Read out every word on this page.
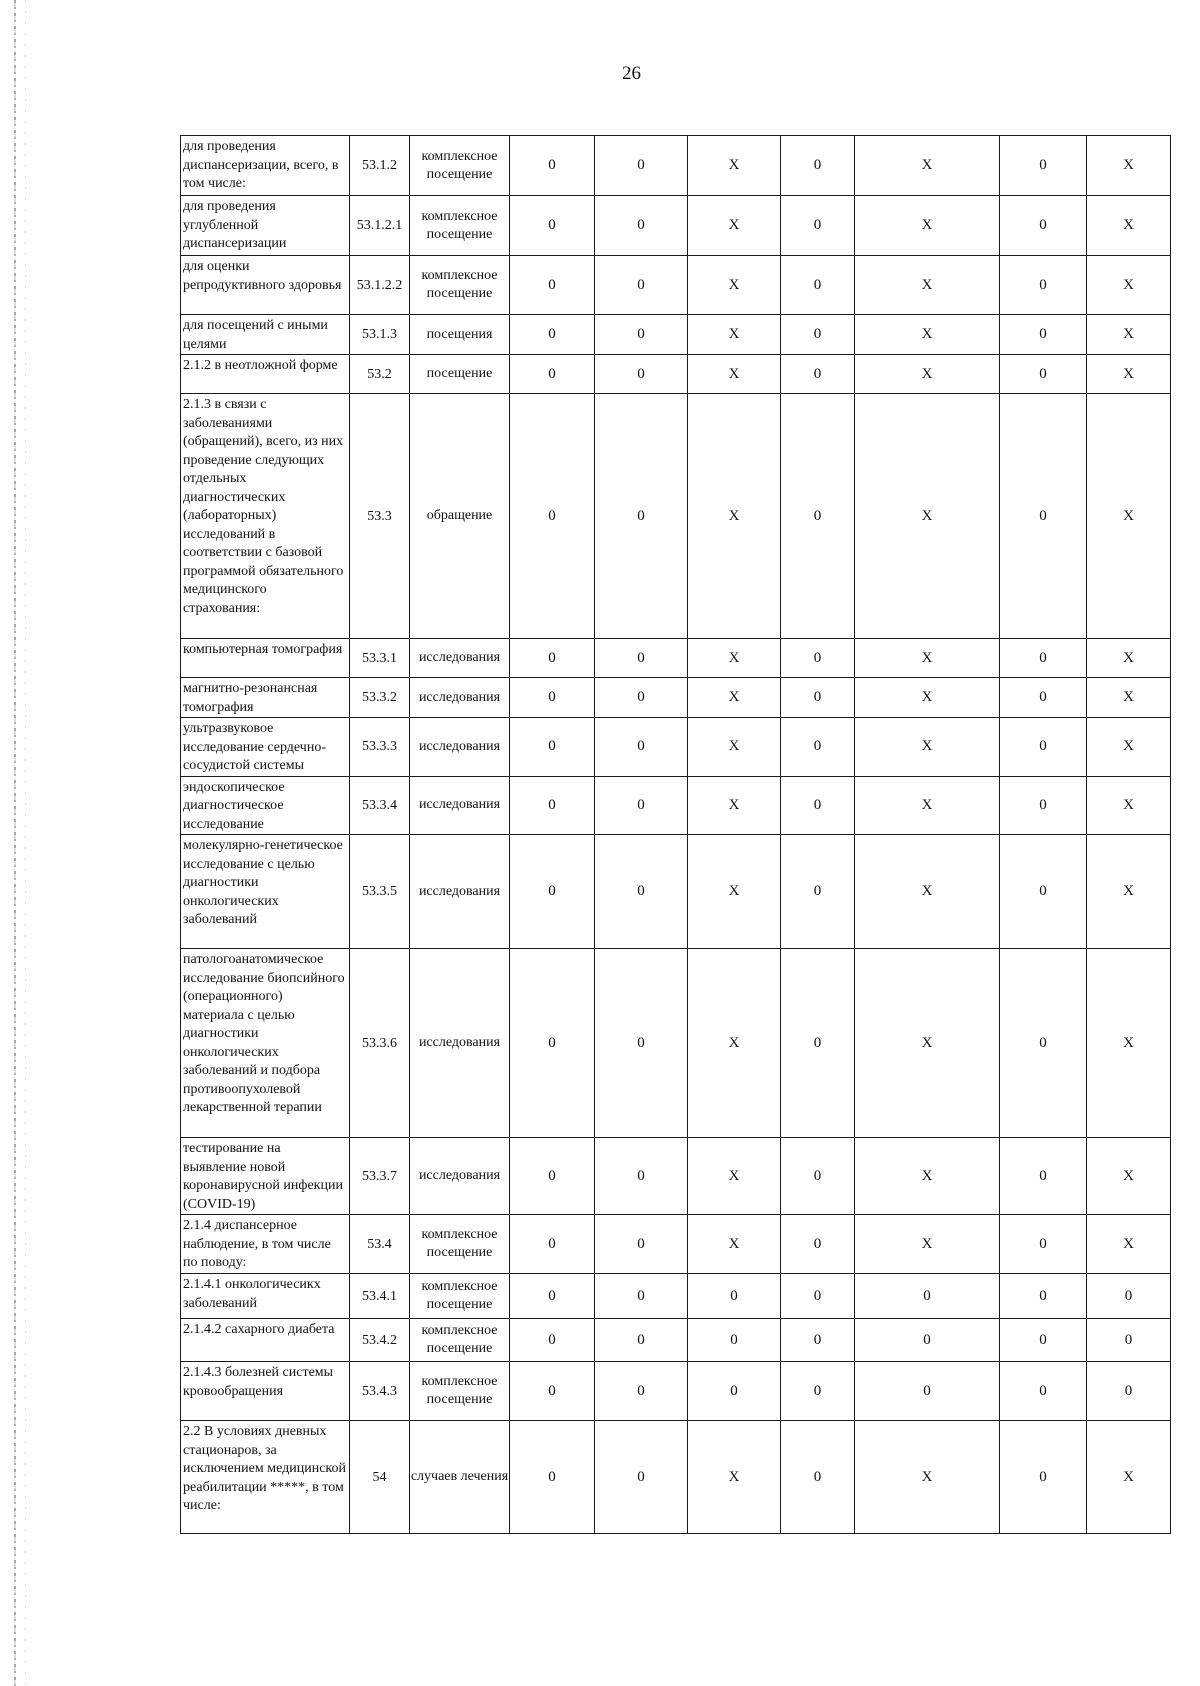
26
для проведения диспансеризации, всего, в том числе:	53.1.2	комплексное посещение	0	0	Х	0	Х	0	Х
для проведения углубленной диспансеризации	53.1.2.1	комплексное посещение	0	0	Х	0	Х	0	Х
для оценки репродуктивного здоровья	53.1.2.2	комплексное посещение	0	0	Х	0	Х	0	Х
для посещений с иными целями	53.1.3	посещения	0	0	Х	0	Х	0	Х
2.1.2 в неотложной форме	53.2	посещение	0	0	Х	0	Х	0	Х
2.1.3 в связи с заболеваниями (обращений), всего, из них проведение следующих отдельных диагностических (лабораторных) исследований в соответствии с базовой программой обязательного медицинского страхования:	53.3	обращение	0	0	Х	0	Х	0	Х
компьютерная томография	53.3.1	исследования	0	0	Х	0	Х	0	Х
магнитно-резонансная томография	53.3.2	исследования	0	0	Х	0	Х	0	Х
ультразвуковое исследование сердечно-сосудистой системы	53.3.3	исследования	0	0	Х	0	Х	0	Х
эндоскопическое диагностическое исследование	53.3.4	исследования	0	0	Х	0	Х	0	Х
молекулярно-генетическое исследование с целью диагностики онкологических заболеваний	53.3.5	исследования	0	0	Х	0	Х	0	Х
патологоанатомическое исследование биопсийного (операционного) материала с целью диагностики онкологических заболеваний и подбора противоопухолевой лекарственной терапии	53.3.6	исследования	0	0	Х	0	Х	0	Х
тестирование на выявление новой коронавирусной инфекции (COVID-19)	53.3.7	исследования	0	0	Х	0	Х	0	Х
2.1.4 диспансерное наблюдение, в том числе по поводу:	53.4	комплексное посещение	0	0	Х	0	Х	0	Х
2.1.4.1 онкологичесикх заболеваний	53.4.1	комплексное посещение	0	0	0	0	0	0	0
2.1.4.2 сахарного диабета	53.4.2	комплексное посещение	0	0	0	0	0	0	0
2.1.4.3 болезней системы кровообращения	53.4.3	комплексное посещение	0	0	0	0	0	0	0
2.2 В условиях дневных стационаров, за исключением медицинской реабилитации *****, в том числе:	54	случаев лечения	0	0	Х	0	Х	0	Х
